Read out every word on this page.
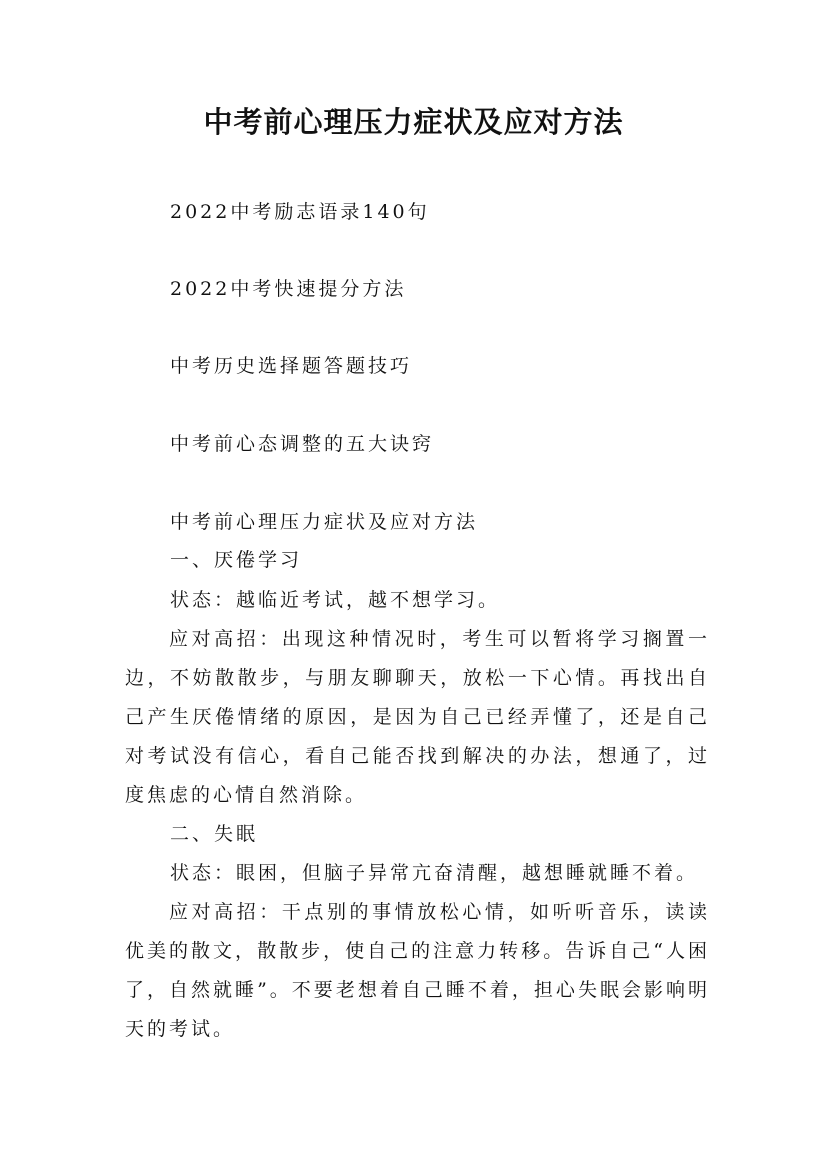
中考前心理压力症状及应对方法
2022中考励志语录140句
2022中考快速提分方法
中考历史选择题答题技巧
中考前心态调整的五大诀窍
中考前心理压力症状及应对方法
一、厌倦学习
状态：越临近考试，越不想学习。
应对高招：出现这种情况时，考生可以暂将学习搁置一边，不妨散散步，与朋友聊聊天，放松一下心情。再找出自己产生厌倦情绪的原因，是因为自己已经弄懂了，还是自己对考试没有信心，看自己能否找到解决的办法，想通了，过度焦虑的心情自然消除。
二、失眠
状态：眼困，但脑子异常亢奋清醒，越想睡就睡不着。
应对高招：干点别的事情放松心情，如听听音乐，读读优美的散文，散散步，使自己的注意力转移。告诉自己“人困了，自然就睡”。不要老想着自己睡不着，担心失眠会影响明天的考试。
